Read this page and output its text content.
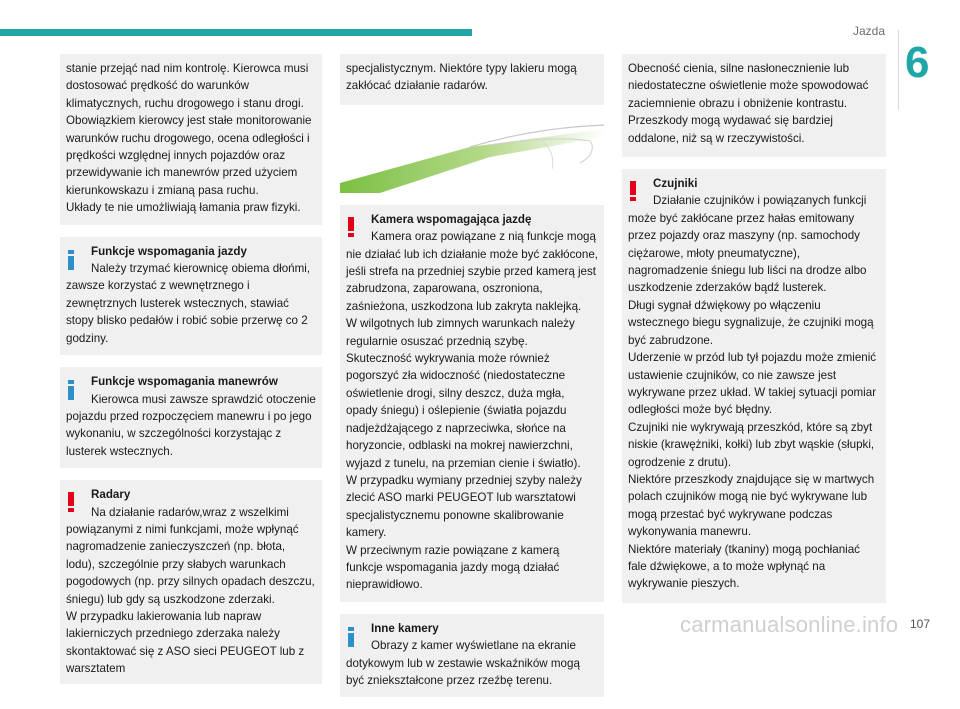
Jazda
6

stanie przejąć nad nim kontrolę. Kierowca musi dostosować prędkość do warunków klimatycznych, ruchu drogowego i stanu drogi.

Obowiązkiem kierowcy jest stałe monitorowanie warunków ruchu drogowego, ocena odległości i prędkości względnej innych pojazdów oraz przewidywanie ich manewrów przed użyciem kierunkowskazu i zmianą pasa ruchu.

Układy te nie umożliwiają łamania praw fizyki.

Funkcje wspomagania jazdy

Należy trzymać kierownicę obiema dłońmi, zawsze korzystać z wewnętrznego i zewnętrznych lusterek wstecznych, stawiać stopy blisko pedałów i robić sobie przerwę co 2 godziny.

Funkcje wspomagania manewrów

Kierowca musi zawsze sprawdzić otoczenie pojazdu przed rozpoczęciem manewru i po jego wykonaniu, w szczególności korzystając z lusterek wstecznych.

Radary

Na działanie radarów,wraz z wszelkimi powiązanymi z nimi funkcjami, może wpłynąć nagromadzenie zanieczyszczeń (np. błota, lodu), szczególnie przy słabych warunkach pogodowych (np. przy silnych opadach deszczu, śniegu) lub gdy są uszkodzone zderzaki.

W przypadku lakierowania lub napraw lakierniczych przedniego zderzaka należy skontaktować się z ASO sieci PEUGEOT lub z warsztatem

specjalistycznym. Niektóre typy lakieru mogą zakłócać działanie radarów.

Kamera wspomagająca jazdę

Kamera oraz powiązane z nią funkcje mogą nie działać lub ich działanie może być zakłócone, jeśli strefa na przedniej szybie przed kamerą jest zabrudzona, zaparowana, oszroniona, zaśnieżona, uszkodzona lub zakryta naklejką.

W wilgotnych lub zimnych warunkach należy regularnie osuszać przednią szybę.

Skuteczność wykrywania może również pogorszyć zła widoczność (niedostateczne oświetlenie drogi, silny deszcz, duża mgła, opady śniegu) i oślepienie (światła pojazdu nadjeżdżającego z naprzeciwka, słońce na horyzoncie, odblaski na mokrej nawierzchni, wyjazd z tunelu, na przemian cienie i światło).

W przypadku wymiany przedniej szyby należy zlecić ASO marki PEUGEOT lub warsztatowi specjalistycznemu ponowne skalibrowanie kamery.

W przeciwnym razie powiązane z kamerą funkcje wspomagania jazdy mogą działać nieprawidłowo.

Inne kamery

Obrazy z kamer wyświetlane na ekranie dotykowym lub w zestawie wskaźników mogą być zniekształcone przez rzeźbę terenu.

Obecność cienia, silne nasłonecznienie lub niedostateczne oświetlenie może spowodować zaciemnienie obrazu i obniżenie kontrastu. Przeszkody mogą wydawać się bardziej oddalone, niż są w rzeczywistości.

Czujniki

Działanie czujników i powiązanych funkcji może być zakłócane przez hałas emitowany przez pojazdy oraz maszyny (np. samochody ciężarowe, młoty pneumatyczne), nagromadzenie śniegu lub liści na drodze albo uszkodzenie zderzaków bądź lusterek.

Długi sygnał dźwiękowy po włączeniu wstecznego biegu sygnalizuje, że czujniki mogą być zabrudzone.

Uderzenie w przód lub tył pojazdu może zmienić ustawienie czujników, co nie zawsze jest wykrywane przez układ. W takiej sytuacji pomiar odległości może być błędny.

Czujniki nie wykrywają przeszkód, które są zbyt niskie (krawężniki, kołki) lub zbyt wąskie (słupki, ogrodzenie z drutu).

Niektóre przeszkody znajdujące się w martwych polach czujników mogą nie być wykrywane lub mogą przestać być wykrywane podczas wykonywania manewru.

Niektóre materiały (tkaniny) mogą pochłaniać fale dźwiękowe, a to może wpłynąć na wykrywanie pieszych.

carmanualsonline.info 107
